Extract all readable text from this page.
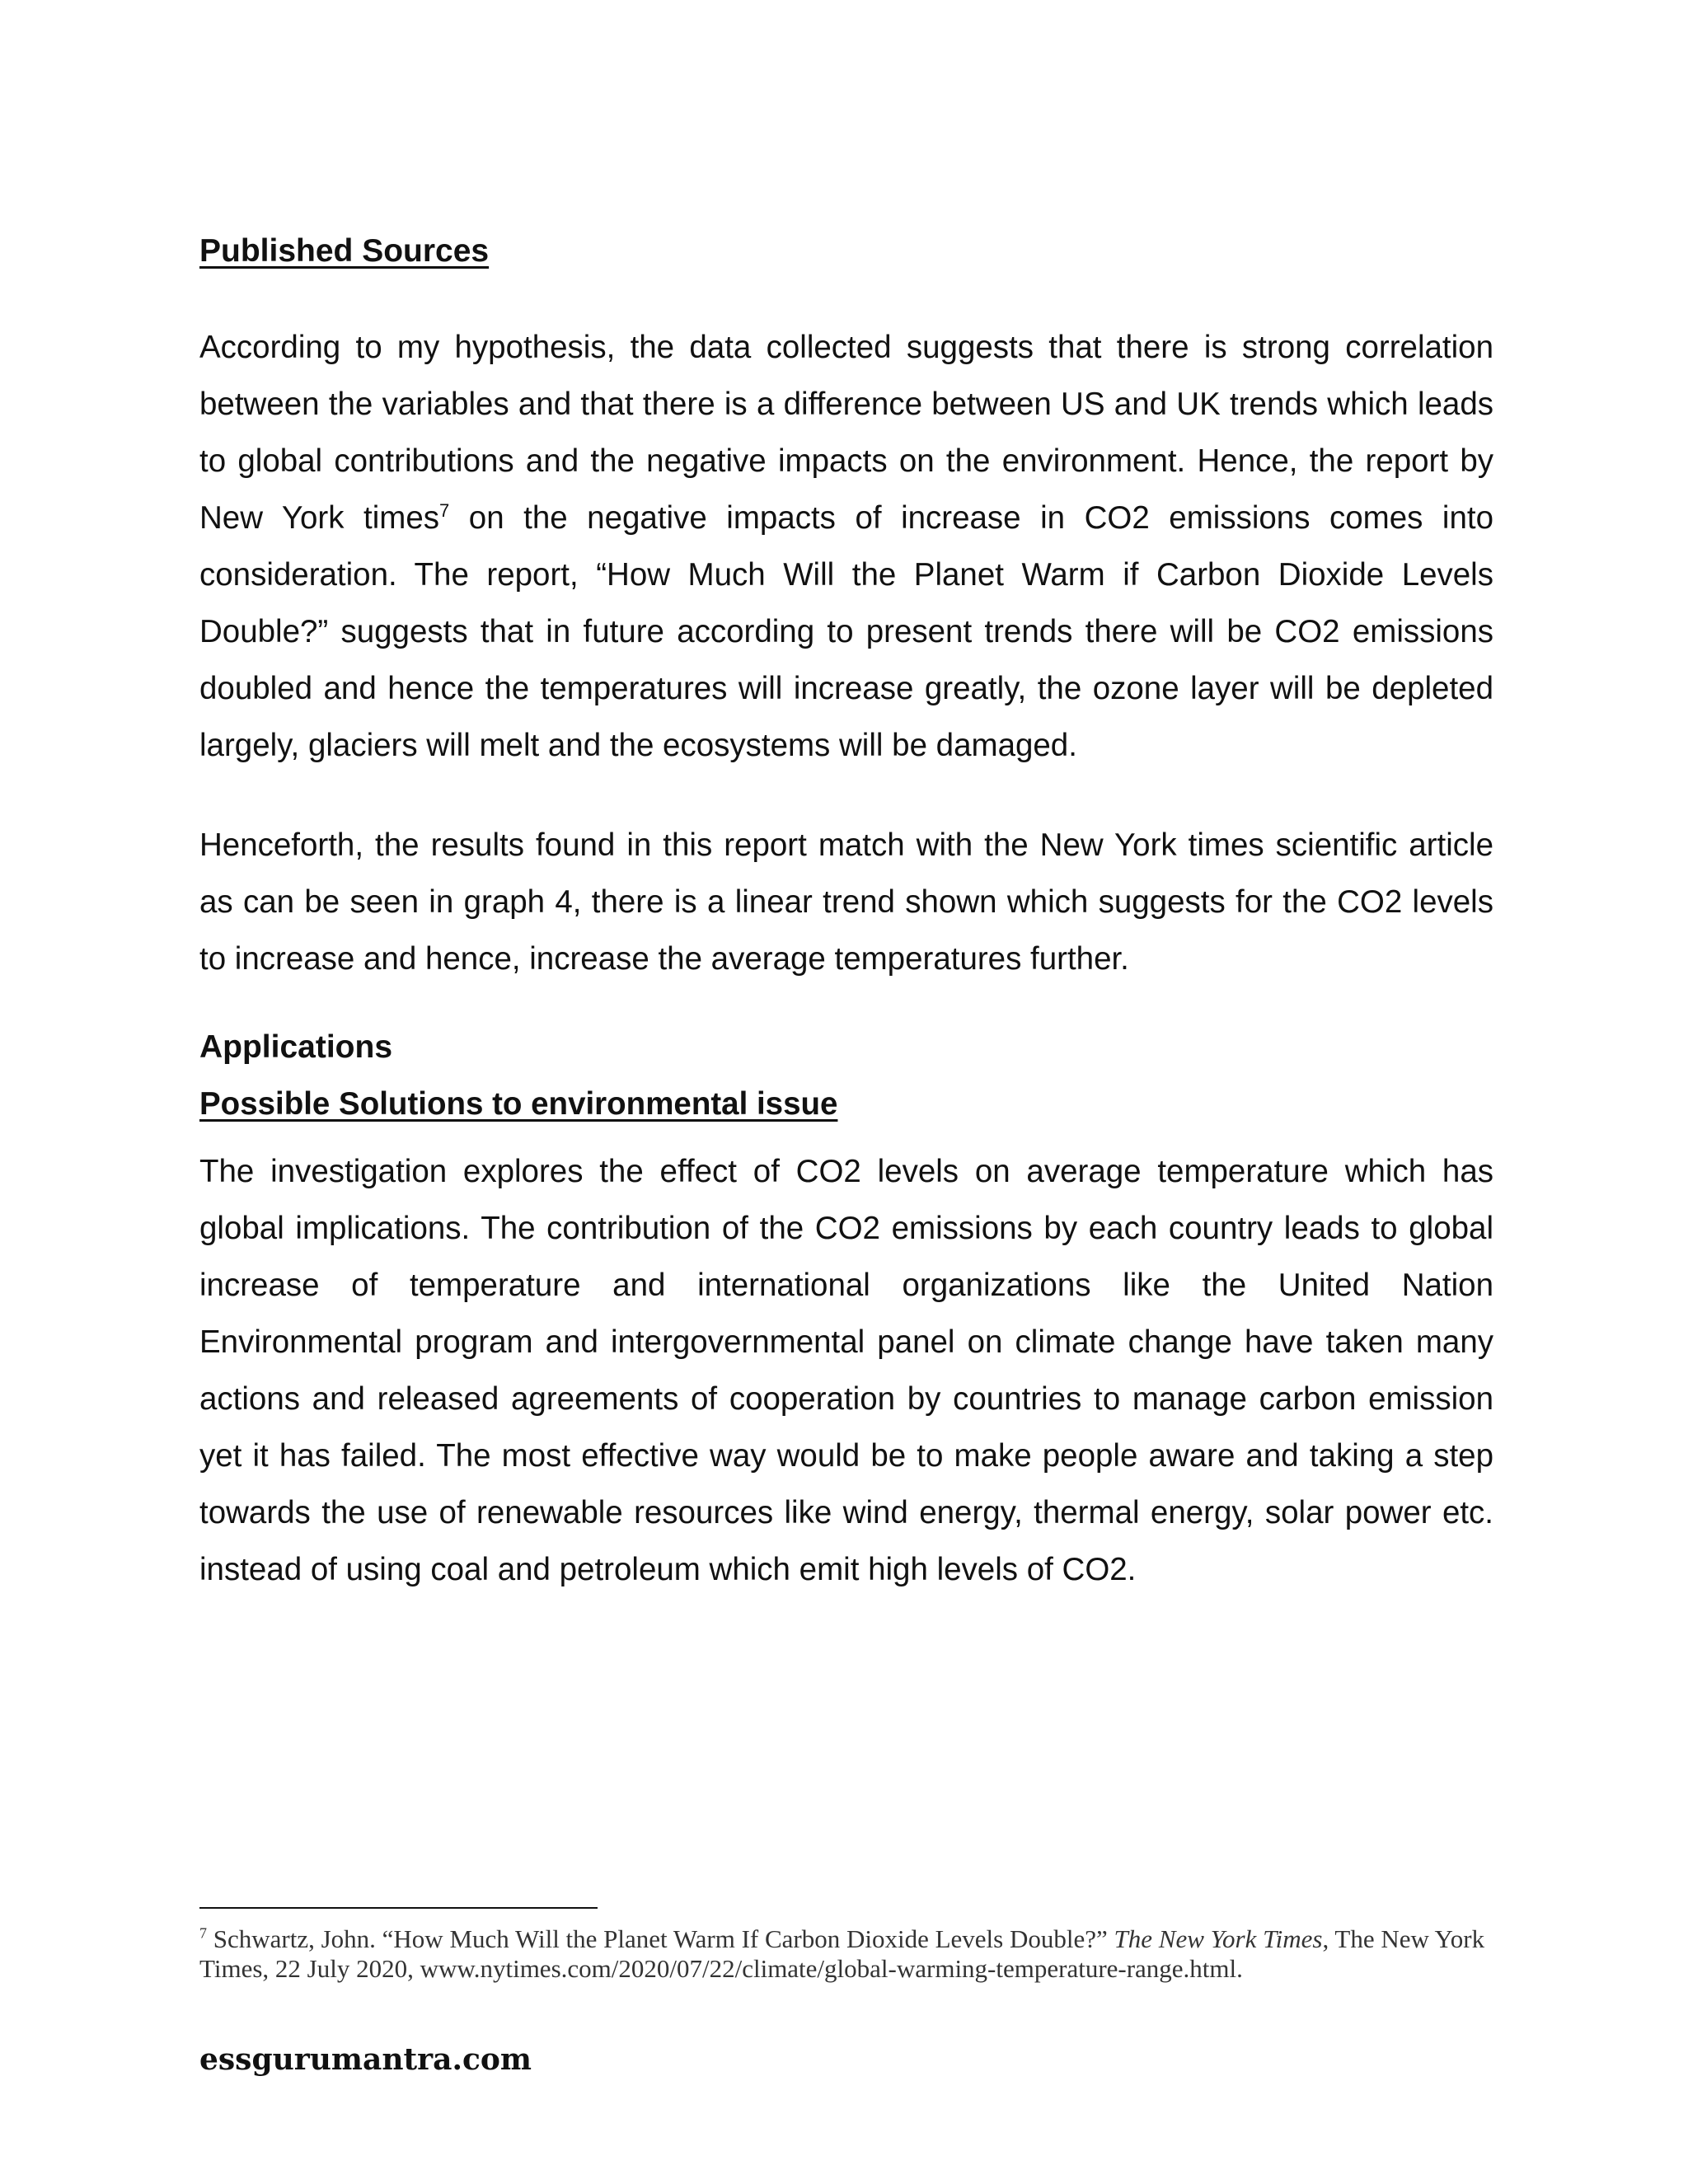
Published Sources

According to my hypothesis, the data collected suggests that there is strong correlation between the variables and that there is a difference between US and UK trends which leads to global contributions and the negative impacts on the environment. Hence, the report by New York times$^7$ on the negative impacts of increase in CO2 emissions comes into consideration. The report, “How Much Will the Planet Warm if Carbon Dioxide Levels Double?” suggests that in future according to present trends there will be CO2 emissions doubled and hence the temperatures will increase greatly, the ozone layer will be depleted largely, glaciers will melt and the ecosystems will be damaged.

Henceforth, the results found in this report match with the New York times scientific article as can be seen in graph 4, there is a linear trend shown which suggests for the CO2 levels to increase and hence, increase the average temperatures further.

Applications
Possible Solutions to environmental issue

The investigation explores the effect of CO2 levels on average temperature which has global implications. The contribution of the CO2 emissions by each country leads to global increase of temperature and international organizations like the United Nation Environmental program and intergovernmental panel on climate change have taken many actions and released agreements of cooperation by countries to manage carbon emission yet it has failed. The most effective way would be to make people aware and taking a step towards the use of renewable resources like wind energy, thermal energy, solar power etc. instead of using coal and petroleum which emit high levels of CO2.

$^7$ Schwartz, John. “How Much Will the Planet Warm If Carbon Dioxide Levels Double?” The New York Times, The New York Times, 22 July 2020, www.nytimes.com/2020/07/22/climate/global-warming-temperature-range.html.

essgurumantra.com
